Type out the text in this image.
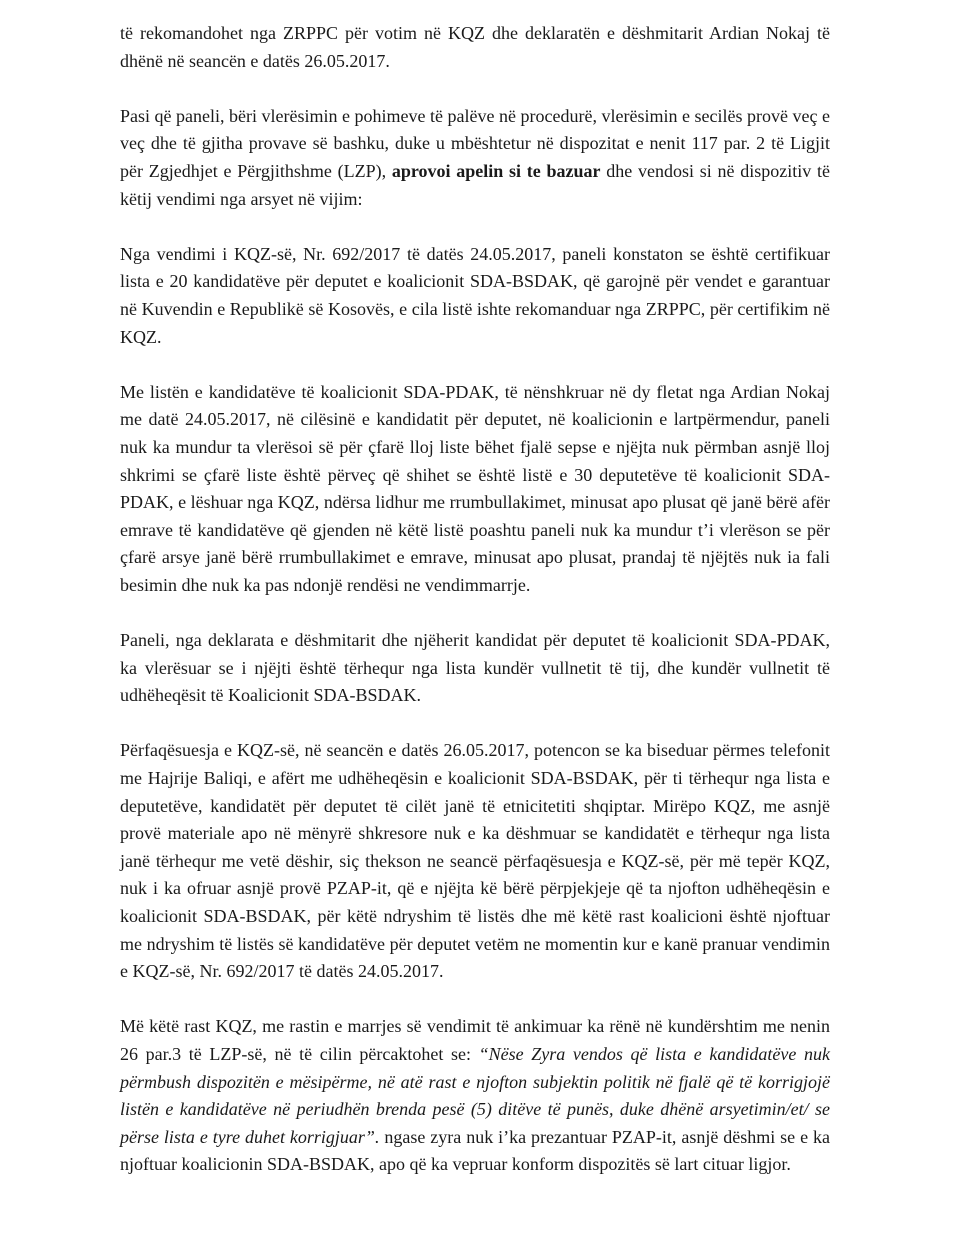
të rekomandohet nga ZRPPC për votim në KQZ dhe deklaratën e dëshmitarit Ardian Nokaj të dhënë në seancën e datës 26.05.2017.

Pasi që paneli, bëri vlerësimin e pohimeve të palëve në procedurë, vlerësimin e secilës provë veç e veç dhe të gjitha provave së bashku, duke u mbështetur në dispozitat e nenit 117 par. 2 të Ligjit për Zgjedhjet e Përgjithshme (LZP), aprovoi apelin si te bazuar dhe vendosi si në dispozitiv të këtij vendimi nga arsyet në vijim:

Nga vendimi i KQZ-së, Nr. 692/2017 të datës 24.05.2017, paneli konstaton se është certifikuar lista e 20 kandidatëve për deputet e koalicionit SDA-BSDAK, që garojnë për vendet e garantuar në Kuvendin e Republikë së Kosovës, e cila listë ishte rekomanduar nga ZRPPC, për certifikim në KQZ.

Me listën e kandidatëve të koalicionit SDA-PDAK, të nënshkruar në dy fletat nga Ardian Nokaj me datë 24.05.2017, në cilësinë e kandidatit për deputet, në koalicionin e lartpërmendur, paneli nuk ka mundur ta vlerësoi së për çfarë lloj liste bëhet fjalë sepse e njëjta nuk përmban asnjë lloj shkrimi se çfarë liste është përveç që shihet se është listë e 30 deputetëve të koalicionit SDA-PDAK, e lëshuar nga KQZ, ndërsa lidhur me rrumbullakimet, minusat apo plusat që janë bërë afër emrave të kandidatëve që gjenden në këtë listë poashtu paneli nuk ka mundur t’i vlerëson se për çfarë arsye janë bërë rrumbullakimet e emrave, minusat apo plusat, prandaj të njëjtës nuk ia fali besimin dhe nuk ka pas ndonjë rendësi ne vendimmarrje.

Paneli, nga deklarata e dëshmitarit dhe njëherit kandidat për deputet të koalicionit SDA-PDAK, ka vlerësuar se i njëjti është tërhequr nga lista kundër vullnetit të tij, dhe kundër vullnetit të udhëheqësit të Koalicionit SDA-BSDAK.

Përfaqësuesja e KQZ-së, në seancën e datës 26.05.2017, potencon se ka biseduar përmes telefonit me Hajrije Baliqi, e afërt me udhëheqësin e koalicionit SDA-BSDAK, për ti tërhequr nga lista e deputetëve, kandidatët për deputet të cilët janë të etnicitetiti shqiptar. Mirëpo KQZ, me asnjë provë materiale apo në mënyrë shkresore nuk e ka dëshmuar se kandidatët e tërhequr nga lista janë tërhequr me vetë dëshir, siç thekson ne seancë përfaqësuesja e KQZ-së, për më tepër KQZ, nuk i ka ofruar asnjë provë PZAP-it, që e njëjta kë bërë përpjekjeje që ta njofton udhëheqësin e koalicionit SDA-BSDAK, për këtë ndryshim të listës dhe më këtë rast koalicioni është njoftuar me ndryshim të listës së kandidatëve për deputet vetëm ne momentin kur e kanë pranuar vendimin e KQZ-së, Nr. 692/2017 të datës 24.05.2017.

Më këtë rast KQZ, me rastin e marrjes së vendimit të ankimuar ka rënë në kundërshtim me nenin 26 par.3 të LZP-së, në të cilin përcaktohet se: “Nëse Zyra vendos që lista e kandidatëve nuk përmbush dispozitën e mësipërme, në atë rast e njofton subjektin politik në fjalë që të korrigjojë listën e kandidatëve në periudhën brenda pesë (5) ditëve të punës, duke dhënë arsyetimin/et/ se përse lista e tyre duhet korrigjuar”. ngase zyra nuk i’ka prezantuar PZAP-it, asnjë dëshmi se e ka njoftuar koalicionin SDA-BSDAK, apo që ka vepruar konform dispozitës së lart cituar ligjor.
